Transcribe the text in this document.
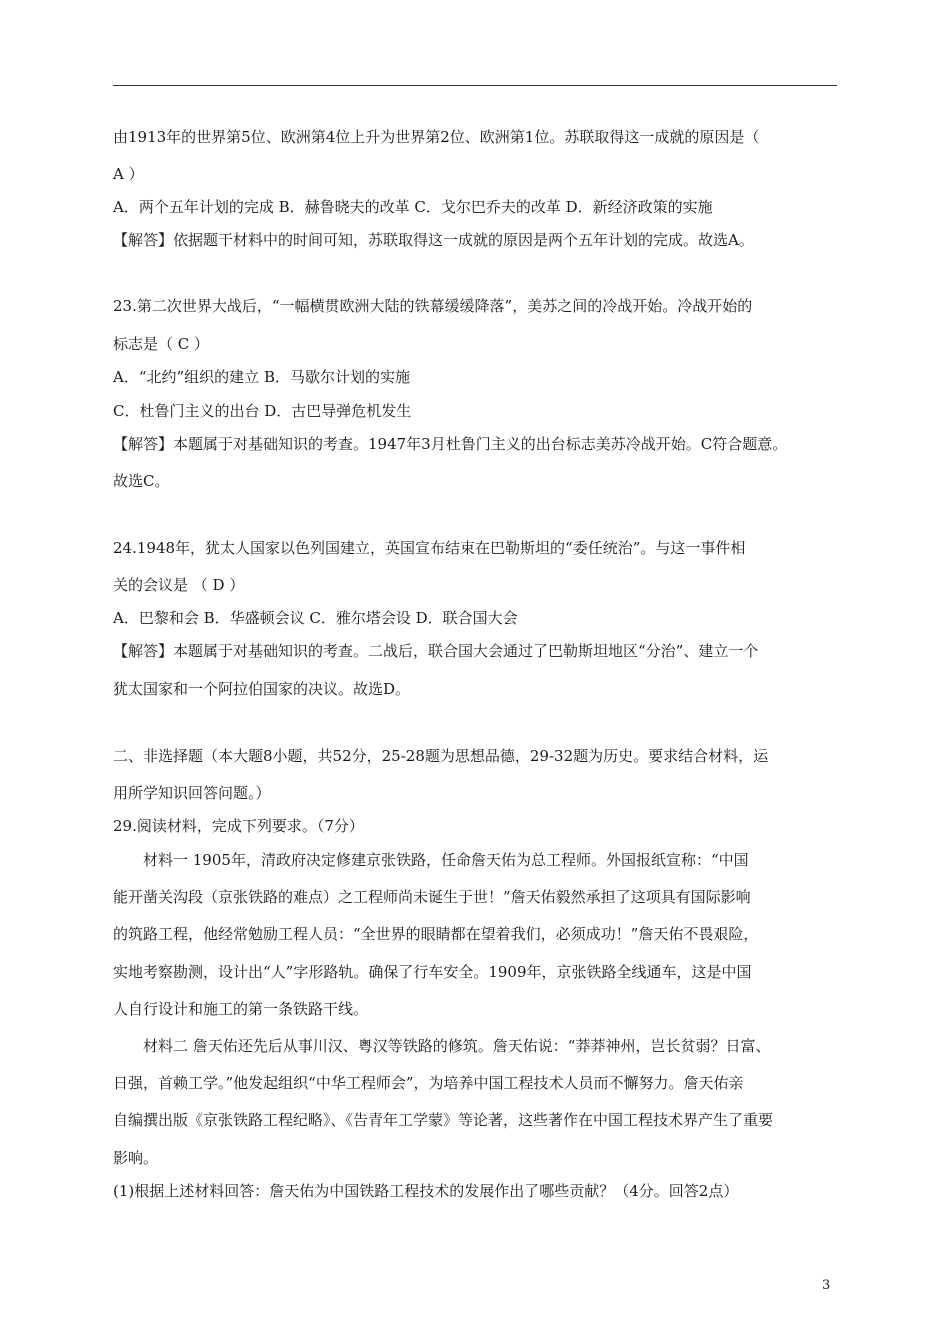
由1913年的世界第5位、欧洲第4位上升为世界第2位、欧洲第1位。苏联取得这一成就的原因是（
A ）
A．两个五年计划的完成 B．赫鲁晓夫的改革 C．戈尔巴乔夫的改革 D．新经济政策的实施
【解答】依据题干材料中的时间可知，苏联取得这一成就的原因是两个五年计划的完成。故选A。
23.第二次世界大战后，“一幅横贯欧洲大陆的铁幕缓缓降落”，美苏之间的冷战开始。冷战开始的
标志是（ C ）
A．“北约”组织的建立 B．马歇尔计划的实施
C．杜鲁门主义的出台 D．古巴导弹危机发生
【解答】本题属于对基础知识的考查。1947年3月杜鲁门主义的出台标志美苏冷战开始。C符合题意。
故选C。
24.1948年，犹太人国家以色列国建立，英国宣布结束在巴勒斯坦的“委任统治”。与这一事件相
关的会议是 （ D ）
A．巴黎和会 B．华盛顿会议 C．雅尔塔会设 D．联合国大会
【解答】本题属于对基础知识的考查。二战后，联合国大会通过了巴勒斯坦地区“分治”、建立一个
犹太国家和一个阿拉伯国家的决议。故选D。
二、非选择题（本大题8小题，共52分，25-28题为思想品德，29-32题为历史。要求结合材料，运
用所学知识回答问题。）
29.阅读材料，完成下列要求。（7分）
材料一 1905年，清政府决定修建京张铁路，任命詹天佑为总工程师。外国报纸宣称：“中国
能开凿关沟段（京张铁路的难点）之工程师尚未诞生于世！”詹天佑毅然承担了这项具有国际影响
的筑路工程，他经常勉励工程人员：“全世界的眼睛都在望着我们，必须成功！”詹天佑不畏艰险，
实地考察勘测，设计出“人”字形路轨。确保了行车安全。1909年，京张铁路全线通车，这是中国
人自行设计和施工的第一条铁路干线。
材料二 詹天佑还先后从事川汉、粤汉等铁路的修筑。詹天佑说：“莽莽神州，岂长贫弱？日富、
日强，首赖工学。”他发起组织“中华工程师会”，为培养中国工程技术人员而不懈努力。詹天佑亲
自编撰出版《京张铁路工程纪略》、《告青年工学蒙》等论著，这些著作在中国工程技术界产生了重要
影响。
(1)根据上述材料回答：詹天佑为中国铁路工程技术的发展作出了哪些贡献？（4分。回答2点）
3
